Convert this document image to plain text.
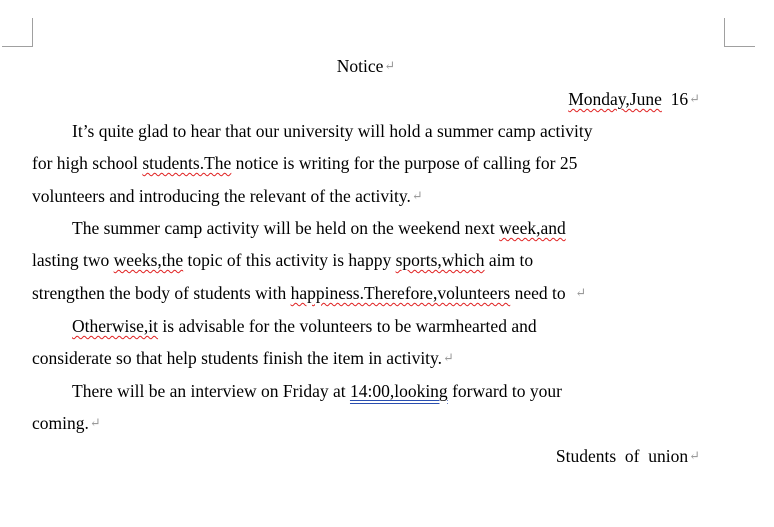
Notice↵
Monday,June 16↵
It’s quite glad to hear that our university will hold a summer camp activity
for high school students.The notice is writing for the purpose of calling for 25
volunteers and introducing the relevant of the activity.↵
The summer camp activity will be held on the weekend next week,and
lasting two weeks,the topic of this activity is happy sports,which aim to
strengthen the body of students with happiness.Therefore,volunteers need to  ↵
Otherwise,it is advisable for the volunteers to be warmhearted and
considerate so that help students finish the item in activity.↵
There will be an interview on Friday at 14:00,looking forward to your
coming.↵
Students  of  union↵
